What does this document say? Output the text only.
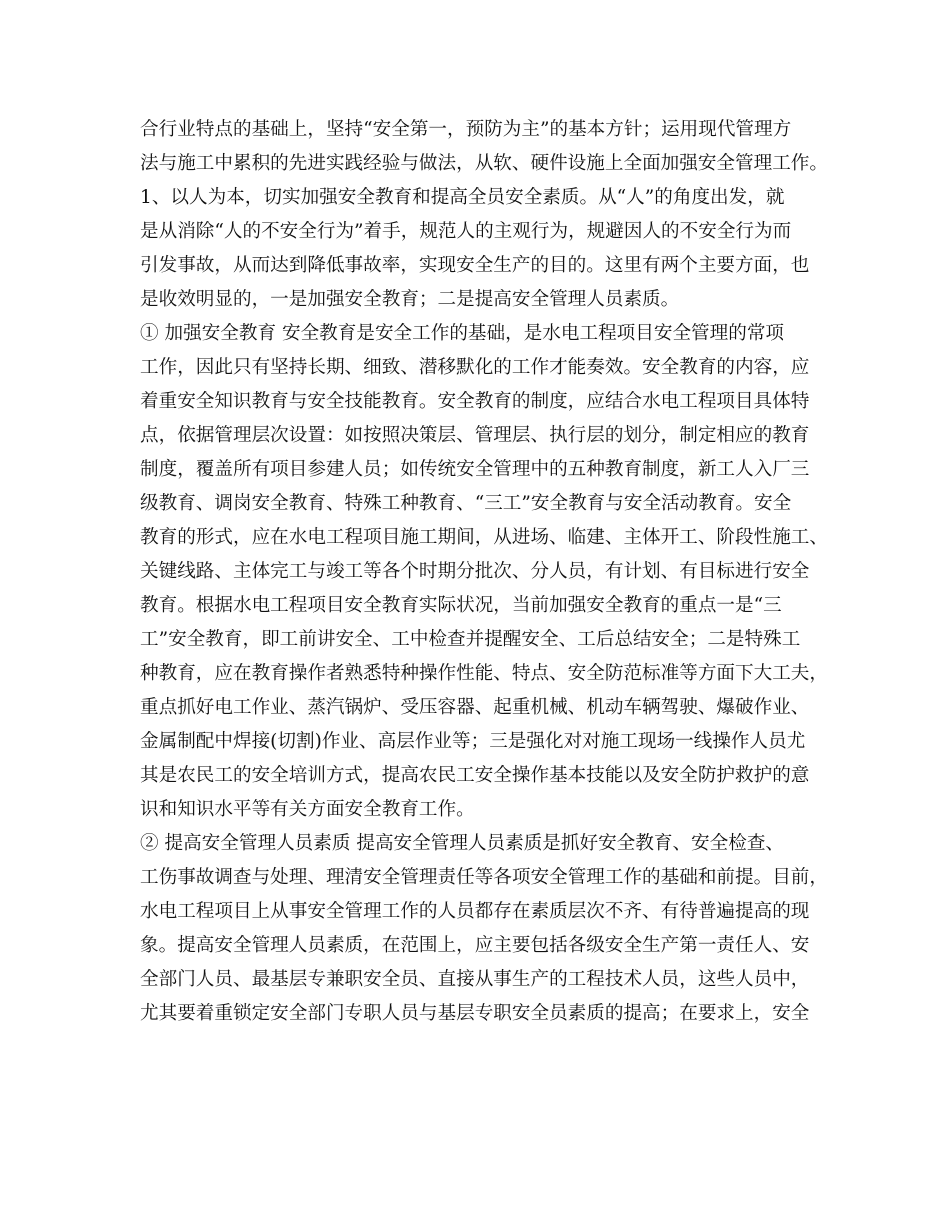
合行业特点的基础上，坚持“安全第一，预防为主”的基本方针；运用现代管理方
法与施工中累积的先进实践经验与做法，从软、硬件设施上全面加强安全管理工作。
1、以人为本，切实加强安全教育和提高全员安全素质。从“人”的角度出发，就
是从消除“人的不安全行为”着手，规范人的主观行为，规避因人的不安全行为而
引发事故，从而达到降低事故率，实现安全生产的目的。这里有两个主要方面，也
是收效明显的，一是加强安全教育；二是提高安全管理人员素质。
① 加强安全教育 安全教育是安全工作的基础，是水电工程项目安全管理的常项
工作，因此只有坚持长期、细致、潜移默化的工作才能奏效。安全教育的内容，应
着重安全知识教育与安全技能教育。安全教育的制度，应结合水电工程项目具体特
点，依据管理层次设置：如按照决策层、管理层、执行层的划分，制定相应的教育
制度，覆盖所有项目参建人员；如传统安全管理中的五种教育制度，新工人入厂三
级教育、调岗安全教育、特殊工种教育、“三工”安全教育与安全活动教育。安全
教育的形式，应在水电工程项目施工期间，从进场、临建、主体开工、阶段性施工、
关键线路、主体完工与竣工等各个时期分批次、分人员，有计划、有目标进行安全
教育。根据水电工程项目安全教育实际状况，当前加强安全教育的重点一是“三
工”安全教育，即工前讲安全、工中检查并提醒安全、工后总结安全；二是特殊工
种教育，应在教育操作者熟悉特种操作性能、特点、安全防范标准等方面下大工夫，
重点抓好电工作业、蒸汽锅炉、受压容器、起重机械、机动车辆驾驶、爆破作业、
金属制配中焊接(切割)作业、高层作业等；三是强化对对施工现场一线操作人员尤
其是农民工的安全培训方式，提高农民工安全操作基本技能以及安全防护救护的意
识和知识水平等有关方面安全教育工作。
② 提高安全管理人员素质 提高安全管理人员素质是抓好安全教育、安全检查、
工伤事故调查与处理、理清安全管理责任等各项安全管理工作的基础和前提。目前，
水电工程项目上从事安全管理工作的人员都存在素质层次不齐、有待普遍提高的现
象。提高安全管理人员素质，在范围上，应主要包括各级安全生产第一责任人、安
全部门人员、最基层专兼职安全员、直接从事生产的工程技术人员，这些人员中，
尤其要着重锁定安全部门专职人员与基层专职安全员素质的提高；在要求上，安全
